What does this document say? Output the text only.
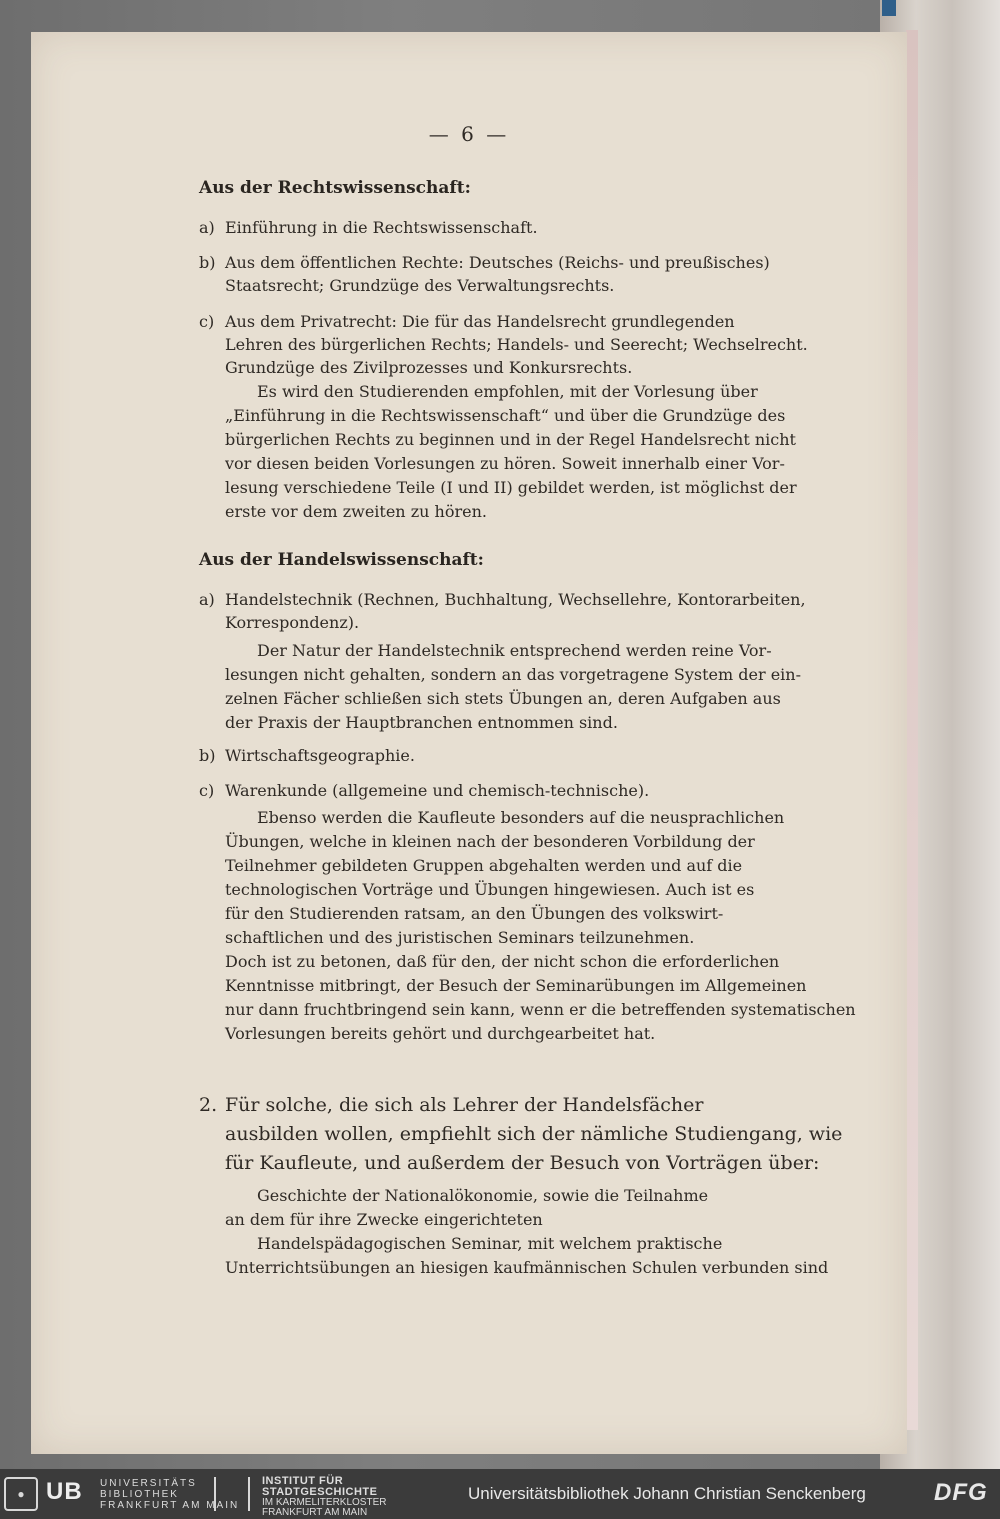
— 6 —
Aus der Rechtswissenschaft:
a) Einführung in die Rechtswissenschaft.
b) Aus dem öffentlichen Rechte: Deutsches (Reichs- und preußisches)
Staatsrecht; Grundzüge des Verwaltungsrechts.
c) Aus dem Privatrecht: Die für das Handelsrecht grundlegenden
Lehren des bürgerlichen Rechts; Handels- und Seerecht; Wechselrecht.
Grundzüge des Zivilprozesses und Konkursrechts.
Es wird den Studierenden empfohlen, mit der Vorlesung über
„Einführung in die Rechtswissenschaft“ und über die Grundzüge des
bürgerlichen Rechts zu beginnen und in der Regel Handelsrecht nicht
vor diesen beiden Vorlesungen zu hören. Soweit innerhalb einer Vor-
lesung verschiedene Teile (I und II) gebildet werden, ist möglichst der
erste vor dem zweiten zu hören.
Aus der Handelswissenschaft:
a) Handelstechnik (Rechnen, Buchhaltung, Wechsellehre, Kontorarbeiten,
Korrespondenz).
Der Natur der Handelstechnik entsprechend werden reine Vor-
lesungen nicht gehalten, sondern an das vorgetragene System der ein-
zelnen Fächer schließen sich stets Übungen an, deren Aufgaben aus
der Praxis der Hauptbranchen entnommen sind.
b) Wirtschaftsgeographie.
c) Warenkunde (allgemeine und chemisch-technische).
Ebenso werden die Kaufleute besonders auf die neusprachlichen
Übungen, welche in kleinen nach der besonderen Vorbildung der
Teilnehmer gebildeten Gruppen abgehalten werden und auf die
technologischen Vorträge und Übungen hingewiesen. Auch ist es
für den Studierenden ratsam, an den Übungen des volkswirt-
schaftlichen und des juristischen Seminars teilzunehmen.
Doch ist zu betonen, daß für den, der nicht schon die erforderlichen
Kenntnisse mitbringt, der Besuch der Seminarübungen im Allgemeinen
nur dann fruchtbringend sein kann, wenn er die betreffenden systematischen
Vorlesungen bereits gehört und durchgearbeitet hat.
2. Für solche, die sich als Lehrer der Handelsfächer
ausbilden wollen, empfiehlt sich der nämliche Studiengang, wie
für Kaufleute, und außerdem der Besuch von Vorträgen über:
Geschichte der Nationalökonomie, sowie die Teilnahme
an dem für ihre Zwecke eingerichteten
Handelspädagogischen Seminar, mit welchem praktische
Unterrichtsübungen an hiesigen kaufmännischen Schulen verbunden sind
● UB UNIVERSITÄTS
BIBLIOTHEK
FRANKFURT AM MAIN
INSTITUT FÜR
STADTGESCHICHTE
IM KARMELITERKLOSTER
FRANKFURT AM MAIN
Universitätsbibliothek Johann Christian Senckenberg	DFG
